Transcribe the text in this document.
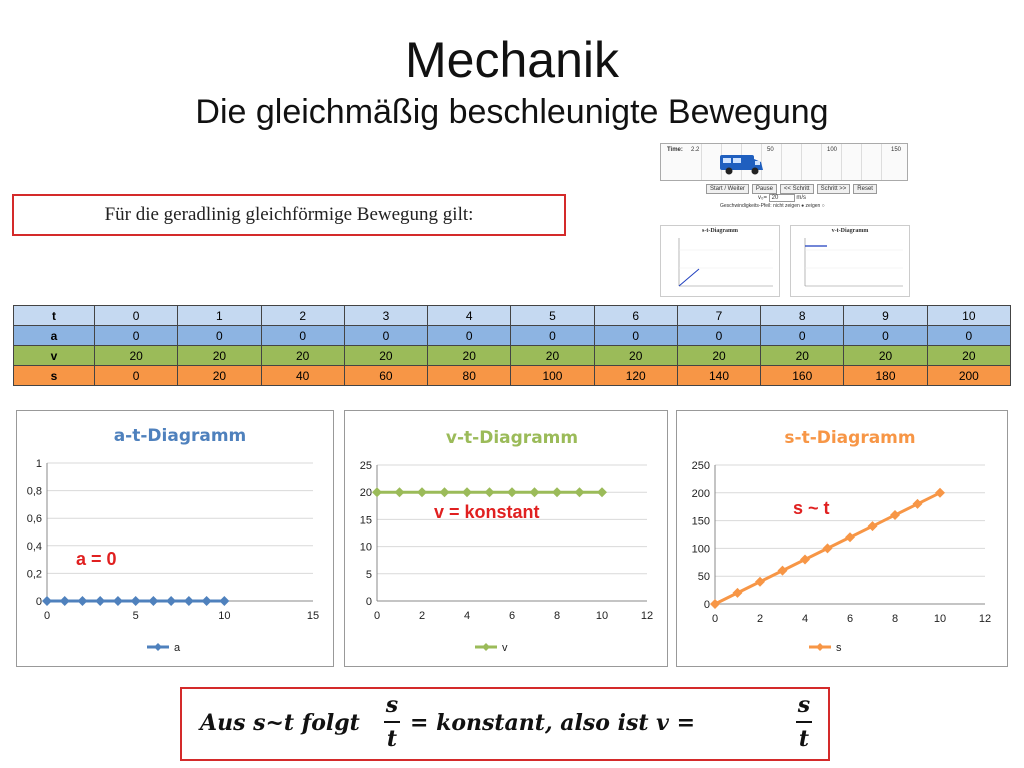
Mechanik
Die gleichmäßig beschleunigte Bewegung
Time: 2.2	50	100	150
Start / Weiter	Pause	<< Schritt	Schritt >>	Reset
v₀= 20	m/s
Geschwindigkeits-Pfeil: nicht zeigen ● zeigen ○
s-t-Diagramm	v-t-Diagramm
Für die geradlinig gleichförmige Bewegung gilt:
t	0	1	2	3	4	5	6	7	8	9	10
a	0	0	0	0	0	0	0	0	0	0	0
v	20	20	20	20	20	20	20	20	20	20	20
s	0	20	40	60	80	100	120	140	160	180	200
a-t-Diagramm
0
0,2
0,4
0,6
0,8
1
0	5	10	15
a
a = 0
v-t-Diagramm
0
5
10
15
20
25
0	2	4	6	8	10	12
v
v = konstant
s-t-Diagramm
0
50
100
150
200
250
0	2	4	6	8	10	12
s
s ~ t
Aus s~t folgt
s
t
= konstant, also ist v =
s
t
